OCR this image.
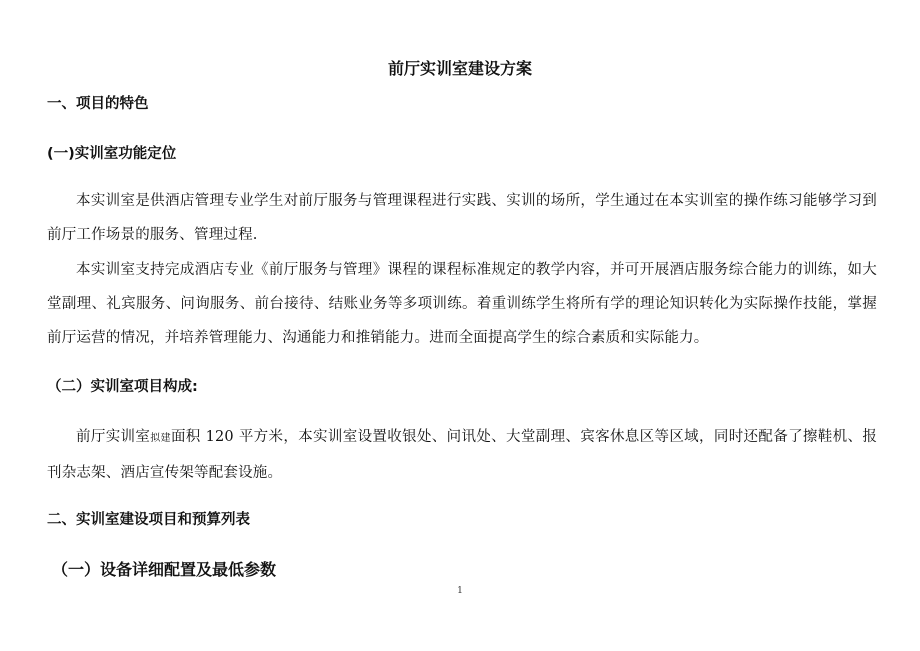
前厅实训室建设方案
一、项目的特色
(一)实训室功能定位
本实训室是供酒店管理专业学生对前厅服务与管理课程进行实践、实训的场所，学生通过在本实训室的操作练习能够学习到前厅工作场景的服务、管理过程.
本实训室支持完成酒店专业《前厅服务与管理》课程的课程标准规定的教学内容，并可开展酒店服务综合能力的训练，如大堂副理、礼宾服务、问询服务、前台接待、结账业务等多项训练。着重训练学生将所有学的理论知识转化为实际操作技能，掌握前厅运营的情况，并培养管理能力、沟通能力和推销能力。进而全面提高学生的综合素质和实际能力。
（二）实训室项目构成:
前厅实训室拟建面积 120 平方米，本实训室设置收银处、问讯处、大堂副理、宾客休息区等区域，同时还配备了擦鞋机、报刊杂志架、酒店宣传架等配套设施。
二、实训室建设项目和预算列表
（一）设备详细配置及最低参数
1
